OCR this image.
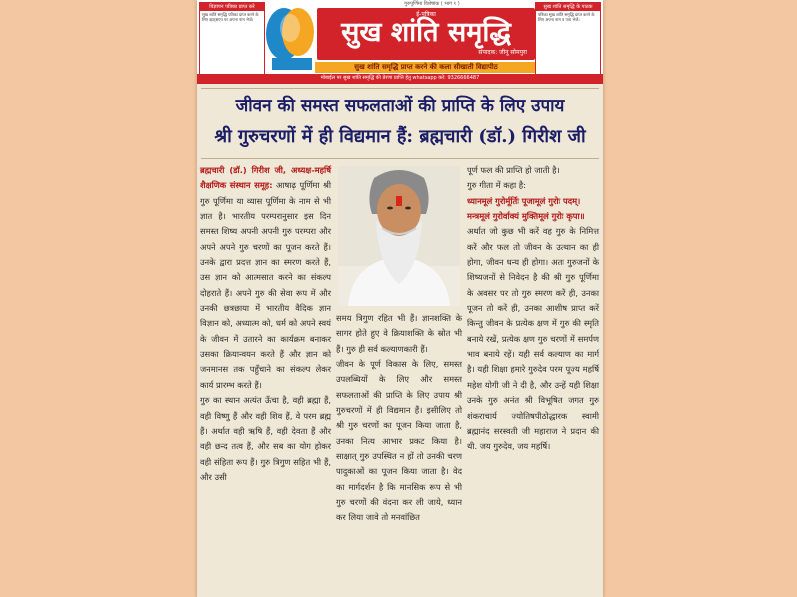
विज्ञापन पत्रिका प्राप्त करे
सुख शांति समृद्धि पत्रिका प्राप्त करने के लिए व्हाट्सएप पर अपना नाम भेजें।
गुरुपूर्णिमा विशेषांक ( भाग १ )
ई-पत्रिका
सुख शांति समृद्धि
संपादक: जीनू सोमपुरा
सुख शांति समृद्धि प्राप्त करने की कला सीखाती विद्यापीठ
सुख शांति समृद्धि के पाठक
पत्रिका सुख शांति समृद्धि प्राप्त करने के लिए अपना नाम व पता भेजें।
मोबाईल पर सुख शांति समृद्धि की प्रेरणा प्राप्ति हेतु whatsapp करे: 9326666487
जीवन की समस्त सफलताओं की प्राप्ति के लिए उपाय
श्री गुरुचरणों में ही विद्यमान हैं: ब्रह्मचारी (डॉ.) गिरीश जी
ब्रह्मचारी (डॉ.) गिरीश जी, अध्यक्ष-महर्षि शैक्षणिक संस्थान समूह: आषाढ़ पूर्णिमा श्री गुरु पूर्णिमा या व्यास पूर्णिमा के नाम से भी ज्ञात है। भारतीय परम्परानुसार इस दिन समस्त शिष्य अपनी अपनी गुरु परम्परा और अपने अपने गुरु चरणों का पूजन करते हैं। उनके द्वारा प्रदत्त ज्ञान का स्मरण करते हैं, उस ज्ञान को आत्मसात करने का संकल्प दोहराते हैं। अपने गुरु की सेवा रूप में और उनकी छत्रछाया में भारतीय वैदिक ज्ञान विज्ञान को, अध्यात्म को, धर्म को अपने स्वयं के जीवन में उतारने का कार्यक्रम बनाकर उसका क्रियान्वयन करते हैं और ज्ञान को जनमानस तक पहुँचाने का संकल्प लेकर कार्य प्रारम्भ करते हैं।
गुरु का स्थान अत्यंत ऊँचा है, वही ब्रह्मा हैं, वही विष्णु हैं और वही शिव हैं, वे परम ब्रह्म हैं। अर्थात वही ऋषि हैं, वही देवता हैं और वही छन्द तत्व हैं, और सब का योग होकर वही संहिता रूप हैं। गुरु त्रिगुण सहित भी हैं, और उसी
समय त्रिगुण रहित भी हैं। ज्ञानशक्ति के सागर होते हुए वे क्रियाशक्ति के स्रोत भी हैं। गुरु ही सर्व कल्याणकारी हैं।
जीवन के पूर्ण विकास के लिए, समस्त उपलब्धियों के लिए और समस्त सफलताओं की प्राप्ति के लिए उपाय श्री गुरुचरणों में ही विद्यमान हैं। इसीलिए तो श्री गुरु चरणों का पूजन किया जाता है, उनका नित्य आभार प्रकट किया है। साक्षात् गुरु उपस्थित न हों तो उनकी चरण पादुकाओं का पूजन किया जाता है। वेद का मार्गदर्शन है कि मानसिक रूप से भी गुरु चरणों की वंदना कर ली जाये, ध्यान कर लिया जावे तो मनवांछित
पूर्ण फल की प्राप्ति हो जाती है।
गुरु गीता में कहा है:
ध्यानमूलं गुरोर्मूर्तिः पूजामूलं गुरोः पदम्।
मन्त्रमूलं गुरोर्वाक्यं मुक्तिमूलं गुरोः कृपा॥
अर्थात जो कुछ भी करें वह गुरु के निमित्त करें और फल तो जीवन के उत्थान का ही होगा, जीवन धन्य ही होगा। अतः गुरुजनों के शिष्यजनों से निवेदन है की श्री गुरु पूर्णिमा के अवसर पर तो गुरु स्मरण करें ही, उनका पूजन तो करें ही, उनका आशीष प्राप्त करें किन्तु जीवन के प्रत्येक क्षण में गुरु की स्मृति बनाये रखें, प्रत्येक क्षण गुरु चरणों में समर्पण भाव बनाये रहें। यही सर्व कल्याण का मार्ग है। यही शिक्षा हमारे गुरुदेव परम पूज्य महर्षि महेश योगी जी ने दी है, और उन्हें यही शिक्षा उनके गुरु अनंत श्री विभूषित जगत गुरु शंकराचार्य ज्योतिषपीठोद्धारक स्वामी ब्रह्मानंद सरस्वती जी महाराज ने प्रदान की थी. जय गुरुदेव, जय महर्षि।
